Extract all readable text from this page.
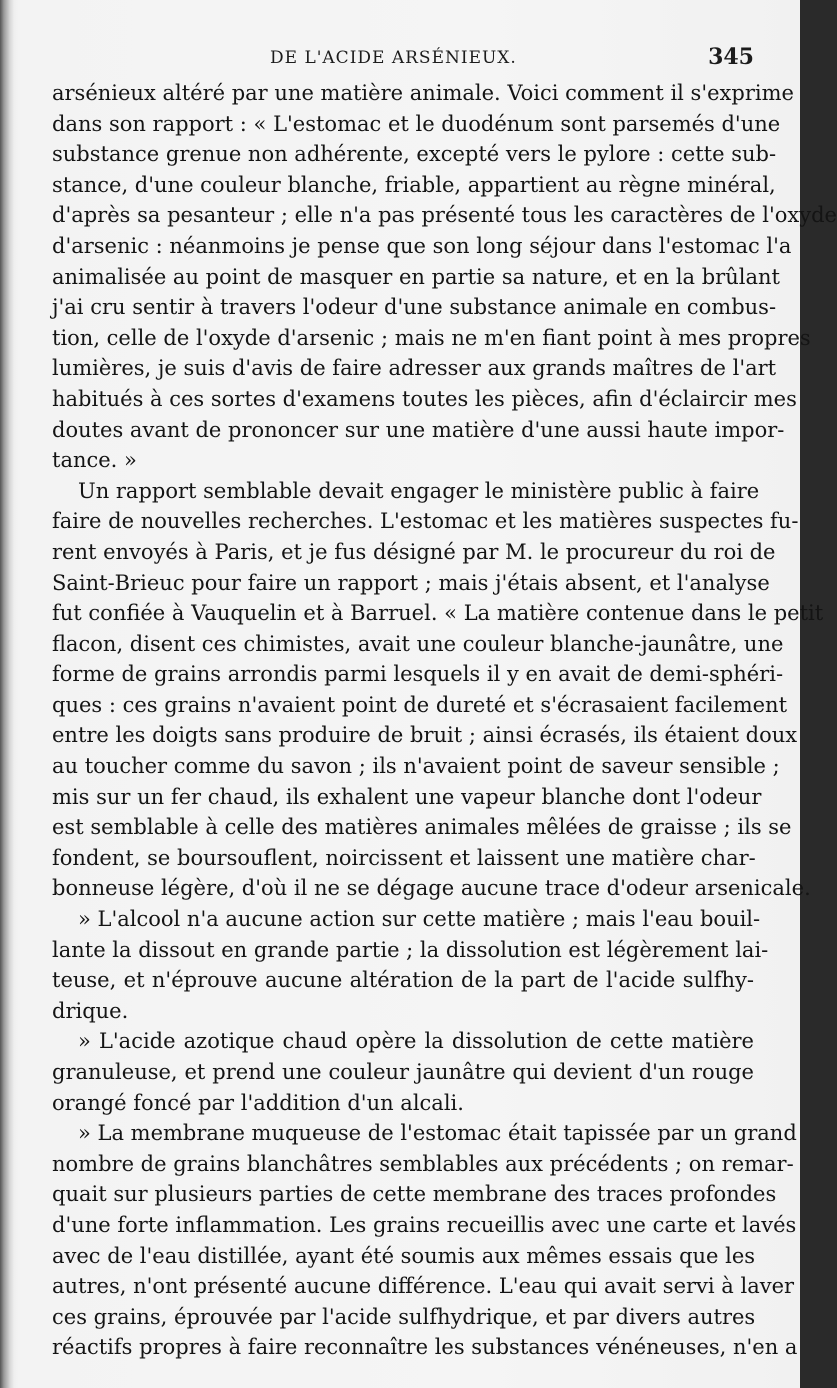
DE L'ACIDE ARSÉNIEUX.	345
arsénieux altéré par une matière animale. Voici comment il s'exprime
dans son rapport : « L'estomac et le duodénum sont parsemés d'une
substance grenue non adhérente, excepté vers le pylore : cette sub-
stance, d'une couleur blanche, friable, appartient au règne minéral,
d'après sa pesanteur ; elle n'a pas présenté tous les caractères de l'oxyde
d'arsenic : néanmoins je pense que son long séjour dans l'estomac l'a
animalisée au point de masquer en partie sa nature, et en la brûlant
j'ai cru sentir à travers l'odeur d'une substance animale en combus-
tion, celle de l'oxyde d'arsenic ; mais ne m'en fiant point à mes propres
lumières, je suis d'avis de faire adresser aux grands maîtres de l'art
habitués à ces sortes d'examens toutes les pièces, afin d'éclaircir mes
doutes avant de prononcer sur une matière d'une aussi haute impor-
tance. »
Un rapport semblable devait engager le ministère public à faire
faire de nouvelles recherches. L'estomac et les matières suspectes fu-
rent envoyés à Paris, et je fus désigné par M. le procureur du roi de
Saint-Brieuc pour faire un rapport ; mais j'étais absent, et l'analyse
fut confiée à Vauquelin et à Barruel. « La matière contenue dans le petit
flacon, disent ces chimistes, avait une couleur blanche-jaunâtre, une
forme de grains arrondis parmi lesquels il y en avait de demi-sphéri-
ques : ces grains n'avaient point de dureté et s'écrasaient facilement
entre les doigts sans produire de bruit ; ainsi écrasés, ils étaient doux
au toucher comme du savon ; ils n'avaient point de saveur sensible ;
mis sur un fer chaud, ils exhalent une vapeur blanche dont l'odeur
est semblable à celle des matières animales mêlées de graisse ; ils se
fondent, se boursouflent, noircissent et laissent une matière char-
bonneuse légère, d'où il ne se dégage aucune trace d'odeur arsenicale.
» L'alcool n'a aucune action sur cette matière ; mais l'eau bouil-
lante la dissout en grande partie ; la dissolution est légèrement lai-
teuse, et n'éprouve aucune altération de la part de l'acide sulfhy-
drique.
» L'acide azotique chaud opère la dissolution de cette matière
granuleuse, et prend une couleur jaunâtre qui devient d'un rouge
orangé foncé par l'addition d'un alcali.
» La membrane muqueuse de l'estomac était tapissée par un grand
nombre de grains blanchâtres semblables aux précédents ; on remar-
quait sur plusieurs parties de cette membrane des traces profondes
d'une forte inflammation. Les grains recueillis avec une carte et lavés
avec de l'eau distillée, ayant été soumis aux mêmes essais que les
autres, n'ont présenté aucune différence. L'eau qui avait servi à laver
ces grains, éprouvée par l'acide sulfhydrique, et par divers autres
réactifs propres à faire reconnaître les substances vénéneuses, n'en a
